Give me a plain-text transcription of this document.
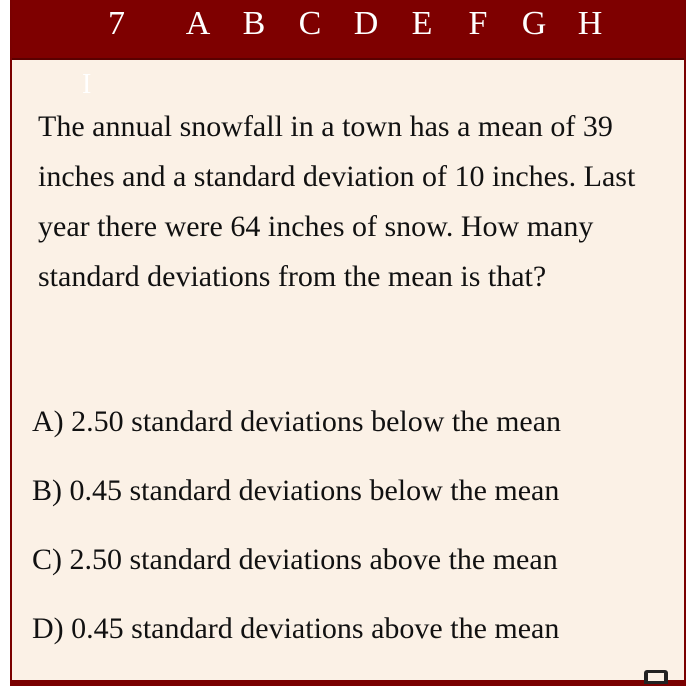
7	A B C D E	F	G H
I
The annual snowfall in a town has a mean of 39 inches and a standard deviation of 10 inches. Last year there were 64 inches of snow. How many standard deviations from the mean is that?
A) 2.50 standard deviations below the mean
B) 0.45 standard deviations below the mean
C) 2.50 standard deviations above the mean
D) 0.45 standard deviations above the mean
